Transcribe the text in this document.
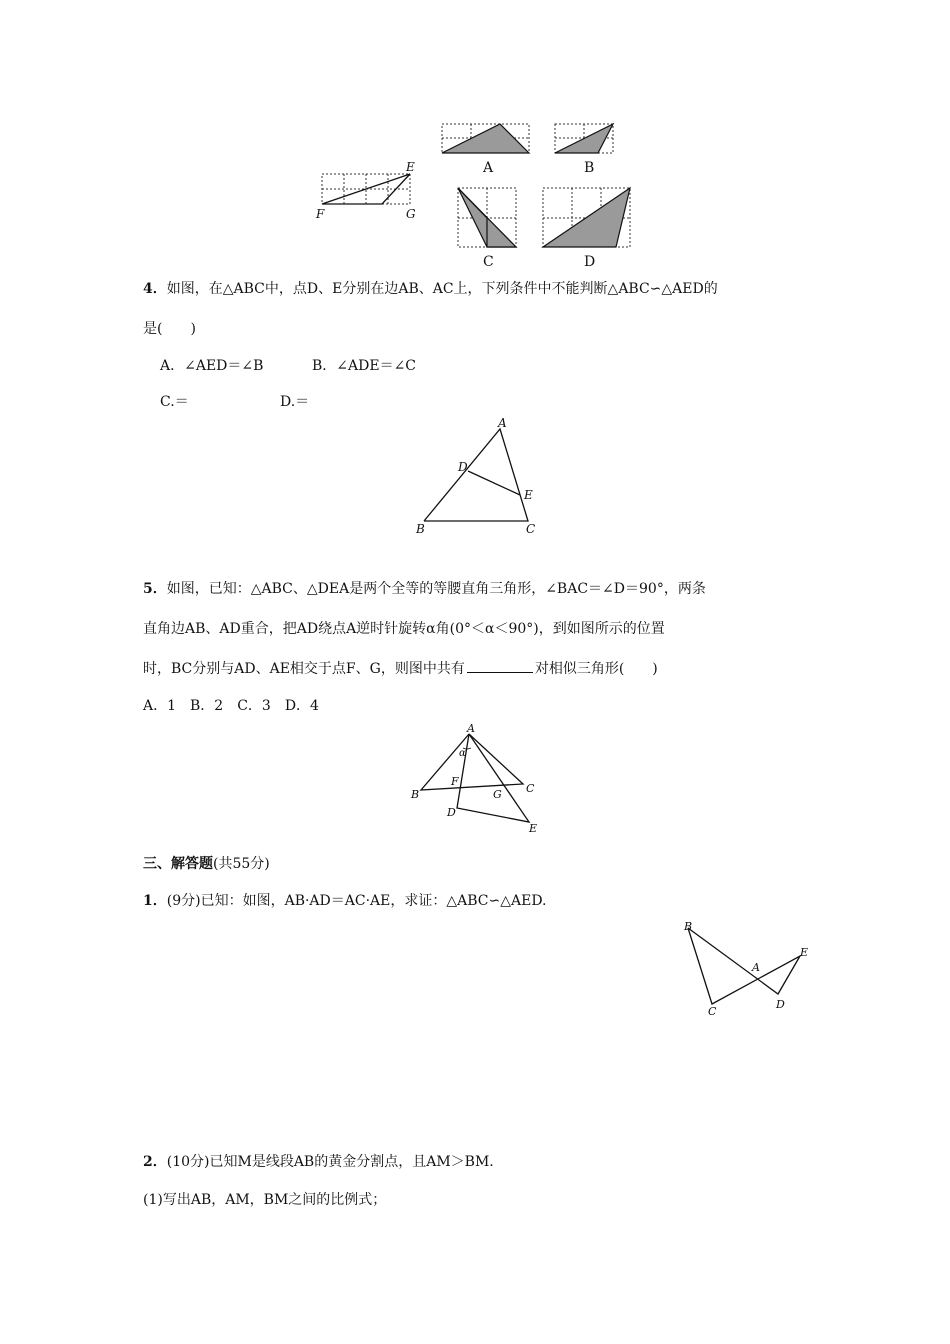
E
F	G
A	B
C	D
4．如图，在△ABC中，点D、E分别在边AB、AC上，下列条件中不能判断△ABC∽△AED的
是(　　)
A．∠AED＝∠B	B．∠ADE＝∠C
C.＝	D.＝
A
D
E
B	C
5．如图，已知：△ABC、△DEA是两个全等的等腰直角三角形，∠BAC＝∠D＝90°，两条
直角边AB、AD重合，把AD绕点A逆时针旋转α角(0°＜α＜90°)，到如图所示的位置
时，BC分别与AD、AE相交于点F、G，则图中共有	对相似三角形(　　)
A．1　B．2　C．3　D．4
A
α
B	C
D
E
F
G
三、解答题(共55分)
1．(9分)已知：如图，AB·AD＝AC·AE，求证：△ABC∽△AED.
B
A
E
C
D
2．(10分)已知M是线段AB的黄金分割点，且AM＞BM.
(1)写出AB，AM，BM之间的比例式；
